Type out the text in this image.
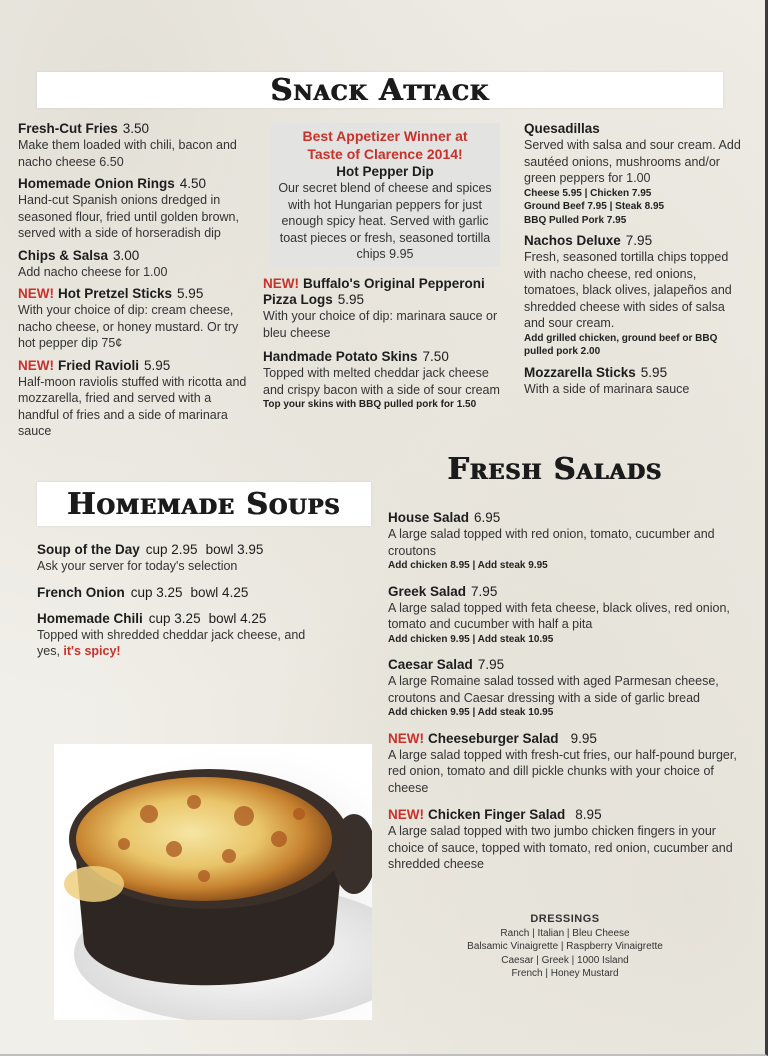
Snack Attack
Fresh-Cut Fries 3.50
Make them loaded with chili, bacon and nacho cheese 6.50
Homemade Onion Rings 4.50
Hand-cut Spanish onions dredged in seasoned flour, fried until golden brown, served with a side of horseradish dip
Chips & Salsa 3.00
Add nacho cheese for 1.00
NEW! Hot Pretzel Sticks 5.95
With your choice of dip: cream cheese, nacho cheese, or honey mustard. Or try hot pepper dip 75¢
NEW! Fried Ravioli 5.95
Half-moon raviolis stuffed with ricotta and mozzarella, fried and served with a handful of fries and a side of marinara sauce
Best Appetizer Winner at
Taste of Clarence 2014!
Hot Pepper Dip
Our secret blend of cheese and spices with hot Hungarian peppers for just enough spicy heat. Served with garlic toast pieces or fresh, seasoned tortilla chips 9.95
NEW! Buffalo's Original Pepperoni Pizza Logs 5.95
With your choice of dip: marinara sauce or bleu cheese
Handmade Potato Skins 7.50
Topped with melted cheddar jack cheese and crispy bacon with a side of sour cream
Top your skins with BBQ pulled pork for 1.50
Quesadillas
Served with salsa and sour cream. Add sautéed onions, mushrooms and/or green peppers for 1.00
Cheese 5.95 | Chicken 7.95
Ground Beef 7.95 | Steak 8.95
BBQ Pulled Pork 7.95
Nachos Deluxe 7.95
Fresh, seasoned tortilla chips topped with nacho cheese, red onions, tomatoes, black olives, jalapeños and shredded cheese with sides of salsa and sour cream.
Add grilled chicken, ground beef or BBQ pulled pork 2.00
Mozzarella Sticks 5.95
With a side of marinara sauce
Fresh Salads
Homemade Soups
Soup of the Day cup 2.95 bowl 3.95
Ask your server for today's selection
French Onion cup 3.25 bowl 4.25
Homemade Chili cup 3.25 bowl 4.25
Topped with shredded cheddar jack cheese, and yes, it's spicy!
House Salad 6.95
A large salad topped with red onion, tomato, cucumber and croutons
Add chicken 8.95 | Add steak 9.95
Greek Salad 7.95
A large salad topped with feta cheese, black olives, red onion, tomato and cucumber with half a pita
Add chicken 9.95 | Add steak 10.95
Caesar Salad 7.95
A large Romaine salad tossed with aged Parmesan cheese, croutons and Caesar dressing with a side of garlic bread
Add chicken 9.95 | Add steak 10.95
NEW! Cheeseburger Salad 9.95
A large salad topped with fresh-cut fries, our half-pound burger, red onion, tomato and dill pickle chunks with your choice of cheese
NEW! Chicken Finger Salad 8.95
A large salad topped with two jumbo chicken fingers in your choice of sauce, topped with tomato, red onion, cucumber and shredded cheese
DRESSINGS
Ranch | Italian | Bleu Cheese
Balsamic Vinaigrette | Raspberry Vinaigrette
Caesar | Greek | 1000 Island
French | Honey Mustard
